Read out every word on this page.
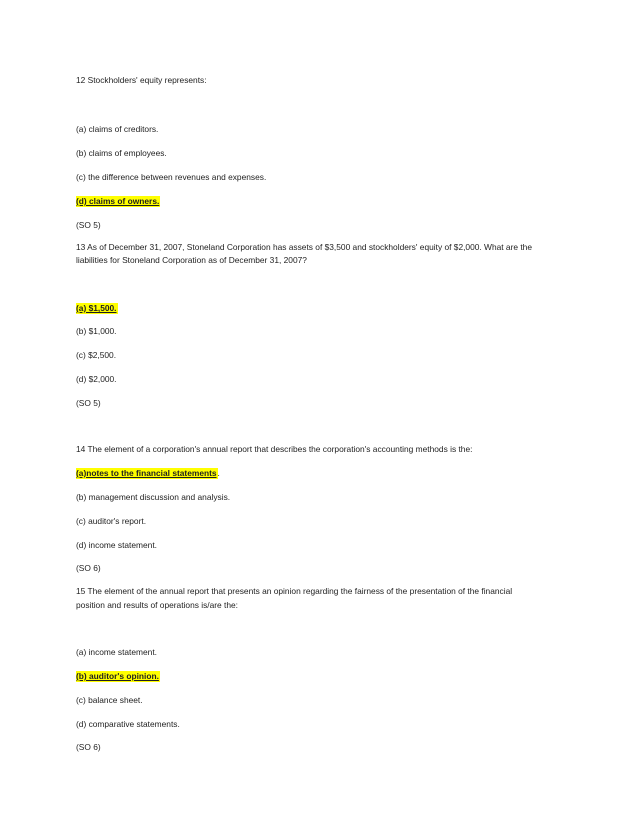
12 Stockholders' equity represents:
(a) claims of creditors.
(b) claims of employees.
(c) the difference between revenues and expenses.
(d) claims of owners.
(SO 5)
13 As of December 31, 2007, Stoneland Corporation has assets of $3,500 and stockholders' equity of $2,000. What are the
liabilities for Stoneland Corporation as of December 31, 2007?
(a) $1,500.
(b) $1,000.
(c) $2,500.
(d) $2,000.
(SO 5)
14 The element of a corporation's annual report that describes the corporation's accounting methods is the:
(a)notes to the financial statements.
(b) management discussion and analysis.
(c) auditor's report.
(d) income statement.
(SO 6)
15 The element of the annual report that presents an opinion regarding the fairness of the presentation of the financial
position and results of operations is/are the:
(a) income statement.
(b) auditor's opinion.
(c) balance sheet.
(d) comparative statements.
(SO 6)
